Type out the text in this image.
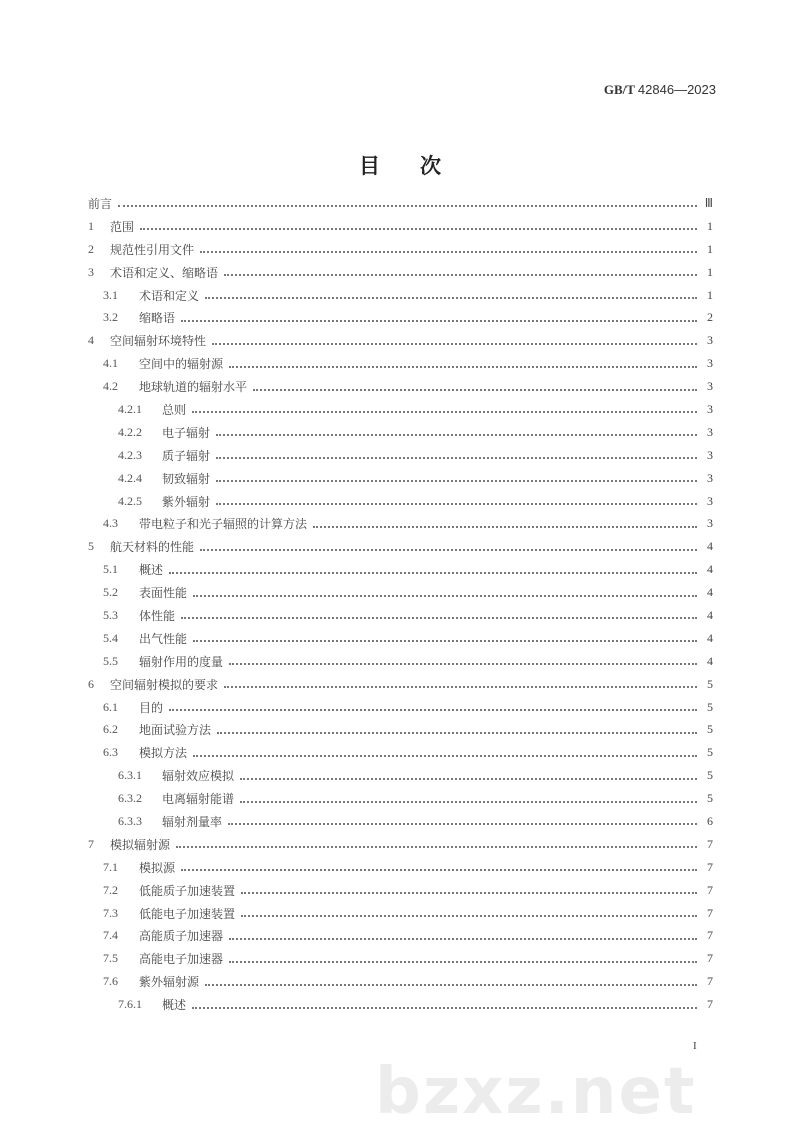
GB/T 42846—2023
目次
前言	Ⅲ
1	范围	1
2	规范性引用文件	1
3	术语和定义、缩略语	1
3.1	术语和定义	1
3.2	缩略语	2
4	空间辐射环境特性	3
4.1	空间中的辐射源	3
4.2	地球轨道的辐射水平	3
4.2.1	总则	3
4.2.2	电子辐射	3
4.2.3	质子辐射	3
4.2.4	韧致辐射	3
4.2.5	紫外辐射	3
4.3	带电粒子和光子辐照的计算方法	3
5	航天材料的性能	4
5.1	概述	4
5.2	表面性能	4
5.3	体性能	4
5.4	出气性能	4
5.5	辐射作用的度量	4
6	空间辐射模拟的要求	5
6.1	目的	5
6.2	地面试验方法	5
6.3	模拟方法	5
6.3.1	辐射效应模拟	5
6.3.2	电离辐射能谱	5
6.3.3	辐射剂量率	6
7	模拟辐射源	7
7.1	模拟源	7
7.2	低能质子加速装置	7
7.3	低能电子加速装置	7
7.4	高能质子加速器	7
7.5	高能电子加速器	7
7.6	紫外辐射源	7
7.6.1	概述	7
I
bzxz.net
